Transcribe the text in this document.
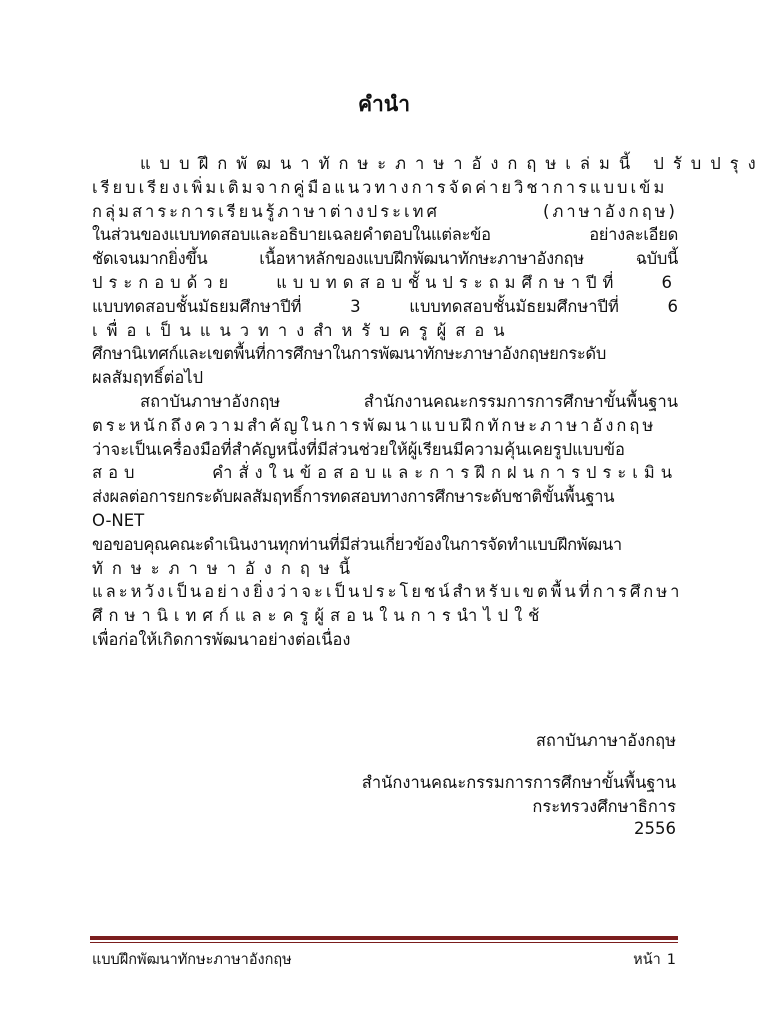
คำนำ
แบบฝึกพัฒนาทักษะภาษาอังกฤษเล่มนี้ ปรับปรุง
เรียบเรียงเพิ่มเติมจากคู่มือแนวทางการจัดค่ายวิชาการแบบเข้ม
กลุ่มสาระการเรียนรู้ภาษาต่างประเทศ (ภาษาอังกฤษ)
ในส่วนของแบบทดสอบและอธิบายเฉลยคำตอบในแต่ละข้อ อย่างละเอียด
ชัดเจนมากยิ่งขึ้น เนื้อหาหลักของแบบฝึกพัฒนาทักษะภาษาอังกฤษ ฉบับนี้
ประกอบด้วย แบบทดสอบชั้นประถมศึกษาปีที่ 6
แบบทดสอบชั้นมัธยมศึกษาปีที่ 3 แบบทดสอบชั้นมัธยมศึกษาปีที่ 6
เพื่อเป็นแนวทางสำหรับครูผู้สอน
ศึกษานิเทศก์และเขตพื้นที่การศึกษาในการพัฒนาทักษะภาษาอังกฤษยกระดับ
ผลสัมฤทธิ์ต่อไป
สถาบันภาษาอังกฤษ สำนักงานคณะกรรมการการศึกษาขั้นพื้นฐาน
ตระหนักถึงความสำคัญในการพัฒนาแบบฝึกทักษะภาษาอังกฤษ
ว่าจะเป็นเครื่องมือที่สำคัญหนึ่งที่มีส่วนช่วยให้ผู้เรียนมีความคุ้นเคยรูปแบบข้อ
สอบ คำสั่งในข้อสอบและการฝึกฝนการประเมิน
ส่งผลต่อการยกระดับผลสัมฤทธิ์การทดสอบทางการศึกษาระดับชาติขั้นพื้นฐาน
O-NET
ขอขอบคุณคณะดำเนินงานทุกท่านที่มีส่วนเกี่ยวข้องในการจัดทำแบบฝึกพัฒนา
ทักษะภาษาอังกฤษนี้
และหวังเป็นอย่างยิ่งว่าจะเป็นประโยชน์สำหรับเขตพื้นที่การศึกษา
ศึกษานิเทศก์และครูผู้สอนในการนำไปใช้
เพื่อก่อให้เกิดการพัฒนาอย่างต่อเนื่อง
สถาบันภาษาอังกฤษ
สำนักงานคณะกรรมการการศึกษาขั้นพื้นฐาน
กระทรวงศึกษาธิการ
2556
แบบฝึกพัฒนาทักษะภาษาอังกฤษ	หน้า 1
